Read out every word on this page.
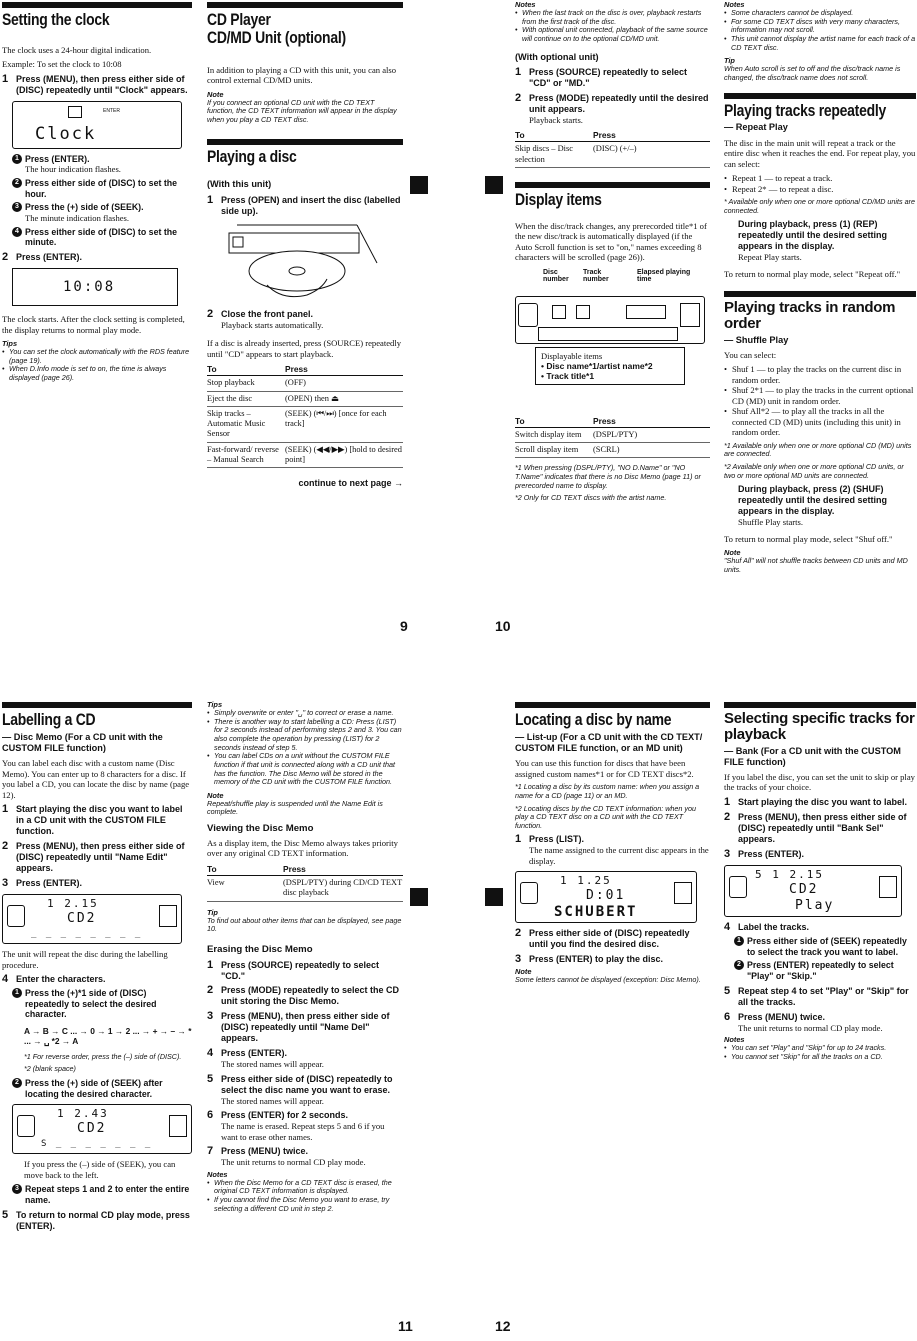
Setting the clock

The clock uses a 24-hour digital indication.

Example: To set the clock to 10:08

1 Press (MENU), then press either side of (DISC) repeatedly until "Clock" appears.
ENTER
Clock
1 Press (ENTER).
The hour indication flashes.
2 Press either side of (DISC) to set the hour.
3 Press the (+) side of (SEEK).
The minute indication flashes.
4 Press either side of (DISC) to set the minute.
2 Press (ENTER).
10:08

The clock starts. After the clock setting is completed, the display returns to normal play mode.

Tips
• You can set the clock automatically with the RDS feature (page 19).
• When D.Info mode is set to on, the time is always displayed (page 26).
CD Player
CD/MD Unit (optional)

In addition to playing a CD with this unit, you can also control external CD/MD units.

Note

If you connect an optional CD unit with the CD TEXT function, the CD TEXT information will appear in the display when you play a CD TEXT disc.

Playing a disc
(With this unit)
1 Press (OPEN) and insert the disc (labelled side up).
2 Close the front panel.
Playback starts automatically.

If a disc is already inserted, press (SOURCE) repeatedly until "CD" appears to start playback.

To	Press
Stop playback	(OFF)
Eject the disc	(OPEN) then ⏏
Skip tracks – Automatic Music Sensor	(SEEK) (⏮/⏭) [once for each track]
Fast-forward/ reverse – Manual Search	(SEEK) (◀◀/▶▶) [hold to desired point]
continue to next page →
9	10
Notes
• When the last track on the disc is over, playback restarts from the first track of the disc.
• With optional unit connected, playback of the same source will continue on to the optional CD/MD unit.
(With optional unit)
1 Press (SOURCE) repeatedly to select "CD" or "MD."
2 Press (MODE) repeatedly until the desired unit appears.
Playback starts.
To	Press
Skip discs – Disc selection	(DISC) (+/–)
Display items

When the disc/track changes, any prerecorded title*1 of the new disc/track is automatically displayed (if the Auto Scroll function is set to "on," names exceeding 8 characters will be scrolled (page 26)).

Disc number
Track number
Elapsed playing time
Displayable items
• Disc name*1/artist name*2
• Track title*1
To	Press
Switch display item	(DSPL/PTY)
Scroll display item	(SCRL)

*1 When pressing (DSPL/PTY), "NO D.Name" or "NO T.Name" indicates that there is no Disc Memo (page 11) or prerecorded name to display.

*2 Only for CD TEXT discs with the artist name.

Notes
• Some characters cannot be displayed.
• For some CD TEXT discs with very many characters, information may not scroll.
• This unit cannot display the artist name for each track of a CD TEXT disc.
Tip

When Auto scroll is set to off and the disc/track name is changed, the disc/track name does not scroll.

Playing tracks repeatedly
— Repeat Play

The disc in the main unit will repeat a track or the entire disc when it reaches the end. For repeat play, you can select:

• Repeat 1 — to repeat a track.
• Repeat 2* — to repeat a disc.

* Available only when one or more optional CD/MD units are connected.

During playback, press (1) (REP) repeatedly until the desired setting appears in the display.
Repeat Play starts.

To return to normal play mode, select "Repeat off."

Playing tracks in random order
— Shuffle Play

You can select:

• Shuf 1 — to play the tracks on the current disc in random order.
• Shuf 2*1 — to play the tracks in the current optional CD (MD) unit in random order.
• Shuf All*2 — to play all the tracks in all the connected CD (MD) units (including this unit) in random order.

*1 Available only when one or more optional CD (MD) units are connected.

*2 Available only when one or more optional CD units, or two or more optional MD units are connected.

During playback, press (2) (SHUF) repeatedly until the desired setting appears in the display.
Shuffle Play starts.

To return to normal play mode, select "Shuf off."

Note

"Shuf All" will not shuffle tracks between CD units and MD units.

Labelling a CD
— Disc Memo (For a CD unit with the CUSTOM FILE function)

You can label each disc with a custom name (Disc Memo). You can enter up to 8 characters for a disc. If you label a CD, you can locate the disc by name (page 12).

1 Start playing the disc you want to label in a CD unit with the CUSTOM FILE function.
2 Press (MENU), then press either side of (DISC) repeatedly until "Name Edit" appears.
3 Press (ENTER).
1 2.15
CD2
_ _ _ _ _ _ _ _

The unit will repeat the disc during the labelling procedure.

4 Enter the characters.
1 Press the (+)*1 side of (DISC) repeatedly to select the desired character.
A → B → C ... → 0 → 1 → 2 ... → + → – → * ... → ␣ *2 → A

*1 For reverse order, press the (–) side of (DISC).

*2 (blank space)

2 Press the (+) side of (SEEK) after locating the desired character.
1 2.43
CD2
S _ _ _ _ _ _ _

If you press the (–) side of (SEEK), you can move back to the left.

3 Repeat steps 1 and 2 to enter the entire name.
5 To return to normal CD play mode, press (ENTER).
Tips
• Simply overwrite or enter "␣" to correct or erase a name.
• There is another way to start labelling a CD: Press (LIST) for 2 seconds instead of performing steps 2 and 3. You can also complete the operation by pressing (LIST) for 2 seconds instead of step 5.
• You can label CDs on a unit without the CUSTOM FILE function if that unit is connected along with a CD unit that has the function. The Disc Memo will be stored in the memory of the CD unit with the CUSTOM FILE function.
Note

Repeat/shuffle play is suspended until the Name Edit is complete.

Viewing the Disc Memo

As a display item, the Disc Memo always takes priority over any original CD TEXT information.

To	Press
View	(DSPL/PTY) during CD/CD TEXT disc playback
Tip

To find out about other items that can be displayed, see page 10.

Erasing the Disc Memo
1 Press (SOURCE) repeatedly to select "CD."
2 Press (MODE) repeatedly to select the CD unit storing the Disc Memo.
3 Press (MENU), then press either side of (DISC) repeatedly until "Name Del" appears.
4 Press (ENTER).
The stored names will appear.
5 Press either side of (DISC) repeatedly to select the disc name you want to erase.
The stored names will appear.
6 Press (ENTER) for 2 seconds.
The name is erased. Repeat steps 5 and 6 if you want to erase other names.
7 Press (MENU) twice.
The unit returns to normal CD play mode.
Notes
• When the Disc Memo for a CD TEXT disc is erased, the original CD TEXT information is displayed.
• If you cannot find the Disc Memo you want to erase, try selecting a different CD unit in step 2.
11	12
Locating a disc by name
— List-up (For a CD unit with the CD TEXT/ CUSTOM FILE function, or an MD unit)

You can use this function for discs that have been assigned custom names*1 or for CD TEXT discs*2.

*1 Locating a disc by its custom name: when you assign a name for a CD (page 11) or an MD.

*2 Locating discs by the CD TEXT information: when you play a CD TEXT disc on a CD unit with the CD TEXT function.

1 Press (LIST).
The name assigned to the current disc appears in the display.
1 1.25
D:01
SCHUBERT
2 Press either side of (DISC) repeatedly until you find the desired disc.
3 Press (ENTER) to play the disc.
Note

Some letters cannot be displayed (exception: Disc Memo).

Selecting specific tracks for playback
— Bank (For a CD unit with the CUSTOM FILE function)

If you label the disc, you can set the unit to skip or play the tracks of your choice.

1 Start playing the disc you want to label.
2 Press (MENU), then press either side of (DISC) repeatedly until "Bank Sel" appears.
3 Press (ENTER).
5 1 2.15
CD2
Play
4 Label the tracks.
1 Press either side of (SEEK) repeatedly to select the track you want to label.
2 Press (ENTER) repeatedly to select "Play" or "Skip."
5 Repeat step 4 to set "Play" or "Skip" for all the tracks.
6 Press (MENU) twice.
The unit returns to normal CD play mode.
Notes
• You can set "Play" and "Skip" for up to 24 tracks.
• You cannot set "Skip" for all the tracks on a CD.
